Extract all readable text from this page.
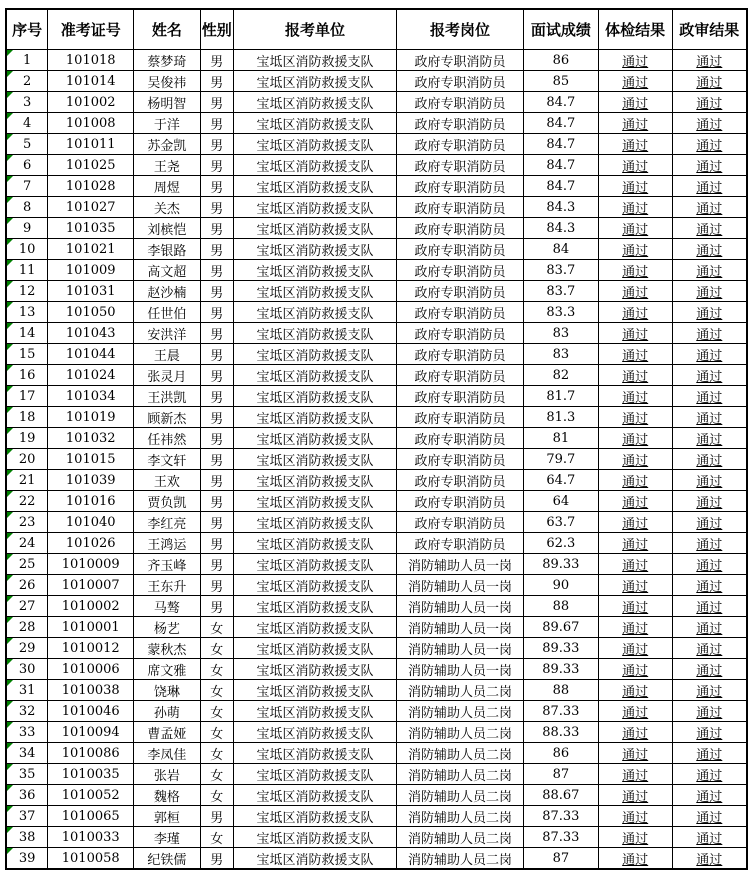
序号	准考证号	姓名	性别	报考单位	报考岗位	面试成绩	体检结果	政审结果

1	101018	蔡梦琦	男	宝坻区消防救援支队	政府专职消防员	86	通过	通过

2	101014	吴俊祎	男	宝坻区消防救援支队	政府专职消防员	85	通过	通过

3	101002	杨明智	男	宝坻区消防救援支队	政府专职消防员	84.7	通过	通过

4	101008	于洋	男	宝坻区消防救援支队	政府专职消防员	84.7	通过	通过

5	101011	苏金凯	男	宝坻区消防救援支队	政府专职消防员	84.7	通过	通过

6	101025	王尧	男	宝坻区消防救援支队	政府专职消防员	84.7	通过	通过

7	101028	周煜	男	宝坻区消防救援支队	政府专职消防员	84.7	通过	通过

8	101027	关杰	男	宝坻区消防救援支队	政府专职消防员	84.3	通过	通过

9	101035	刘槟恺	男	宝坻区消防救援支队	政府专职消防员	84.3	通过	通过

10	101021	李银路	男	宝坻区消防救援支队	政府专职消防员	84	通过	通过

11	101009	高文超	男	宝坻区消防救援支队	政府专职消防员	83.7	通过	通过

12	101031	赵沙楠	男	宝坻区消防救援支队	政府专职消防员	83.7	通过	通过

13	101050	任世伯	男	宝坻区消防救援支队	政府专职消防员	83.3	通过	通过

14	101043	安洪洋	男	宝坻区消防救援支队	政府专职消防员	83	通过	通过

15	101044	王晨	男	宝坻区消防救援支队	政府专职消防员	83	通过	通过

16	101024	张灵月	男	宝坻区消防救援支队	政府专职消防员	82	通过	通过

17	101034	王洪凯	男	宝坻区消防救援支队	政府专职消防员	81.7	通过	通过

18	101019	顾新杰	男	宝坻区消防救援支队	政府专职消防员	81.3	通过	通过

19	101032	任祎然	男	宝坻区消防救援支队	政府专职消防员	81	通过	通过

20	101015	李文轩	男	宝坻区消防救援支队	政府专职消防员	79.7	通过	通过

21	101039	王欢	男	宝坻区消防救援支队	政府专职消防员	64.7	通过	通过

22	101016	贾负凯	男	宝坻区消防救援支队	政府专职消防员	64	通过	通过

23	101040	李红亮	男	宝坻区消防救援支队	政府专职消防员	63.7	通过	通过

24	101026	王鸿运	男	宝坻区消防救援支队	政府专职消防员	62.3	通过	通过

25	1010009	齐玉峰	男	宝坻区消防救援支队	消防辅助人员一岗	89.33	通过	通过

26	1010007	王东升	男	宝坻区消防救援支队	消防辅助人员一岗	90	通过	通过

27	1010002	马骜	男	宝坻区消防救援支队	消防辅助人员一岗	88	通过	通过

28	1010001	杨艺	女	宝坻区消防救援支队	消防辅助人员一岗	89.67	通过	通过

29	1010012	蒙秋杰	女	宝坻区消防救援支队	消防辅助人员一岗	89.33	通过	通过

30	1010006	席文雅	女	宝坻区消防救援支队	消防辅助人员一岗	89.33	通过	通过

31	1010038	饶琳	女	宝坻区消防救援支队	消防辅助人员二岗	88	通过	通过

32	1010046	孙萌	女	宝坻区消防救援支队	消防辅助人员二岗	87.33	通过	通过

33	1010094	曹孟娅	女	宝坻区消防救援支队	消防辅助人员二岗	88.33	通过	通过

34	1010086	李凤佳	女	宝坻区消防救援支队	消防辅助人员二岗	86	通过	通过

35	1010035	张岩	女	宝坻区消防救援支队	消防辅助人员二岗	87	通过	通过

36	1010052	魏格	女	宝坻区消防救援支队	消防辅助人员二岗	88.67	通过	通过

37	1010065	郭桓	男	宝坻区消防救援支队	消防辅助人员二岗	87.33	通过	通过

38	1010033	李瑾	女	宝坻区消防救援支队	消防辅助人员二岗	87.33	通过	通过

39	1010058	纪铁儒	男	宝坻区消防救援支队	消防辅助人员二岗	87	通过	通过
